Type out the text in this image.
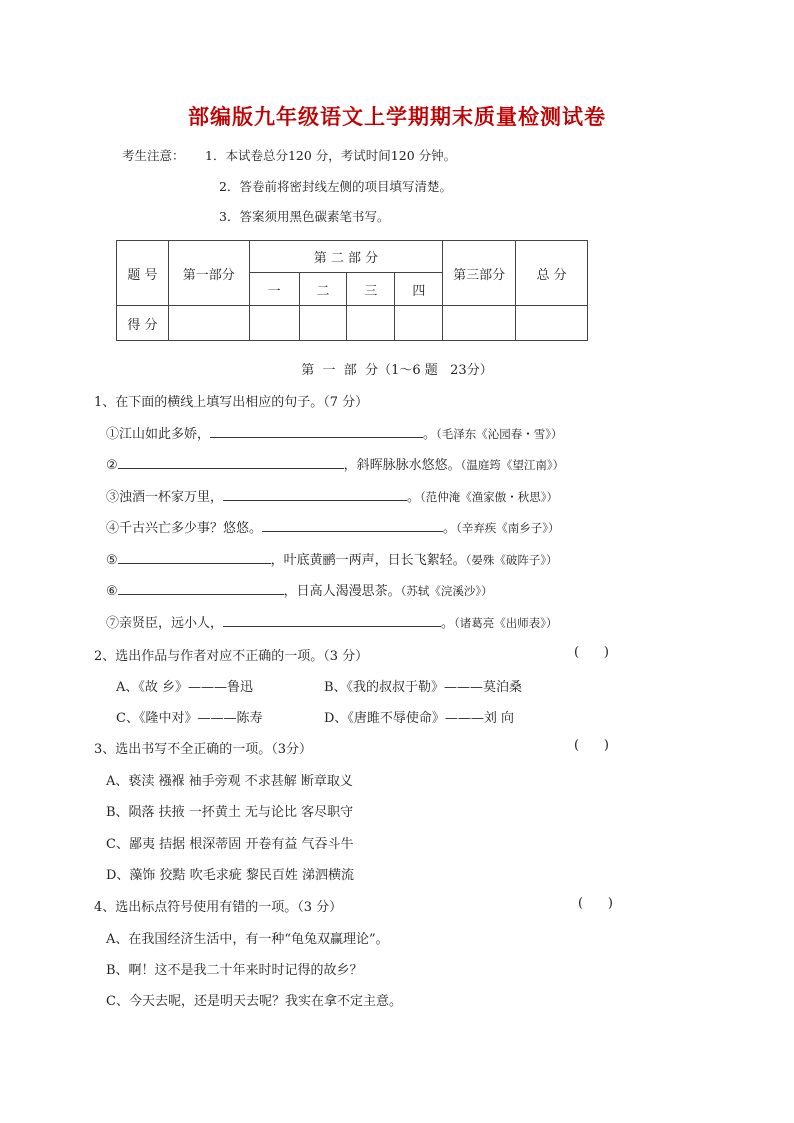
部编版九年级语文上学期期末质量检测试卷
考生注意： 1．本试卷总分120 分，考试时间120 分钟。
2．答卷前将密封线左侧的项目填写清楚。
3．答案须用黑色碳素笔书写。
题 号	第一部分	第 二 部 分				第三部分	总 分
		一	二	三	四		
得 分							
第  一  部  分（1～6 题   23分）
1、在下面的横线上填写出相应的句子。（7 分）
①江山如此多娇，	。（毛泽东《沁园春・雪》）
②	，斜晖脉脉水悠悠。（温庭筠《望江南》）
③浊酒一杯家万里，	。（范仲淹《渔家傲・秋思》）
④千古兴亡多少事？悠悠。	。（辛弃疾《南乡子》）
⑤	，叶底黄鹂一两声，日长飞絮轻。（晏殊《破阵子》）
⑥	，日高人渴漫思茶。（苏轼《浣溪沙》）
⑦亲贤臣，远小人，	。（诸葛亮《出师表》）
2、选出作品与作者对应不正确的一项。（3 分）	(      )
A、《故 乡》———鲁迅	B、《我的叔叔于勒》———莫泊桑
C、《隆中对》———陈寿	D、《唐雎不辱使命》———刘 向
3、选出书写不全正确的一项。（3分）	(      )
A、亵渎 襁褓 袖手旁观 不求甚解 断章取义
B、陨落 扶掖 一抔黄土 无与论比 客尽职守
C、鄙夷 拮据 根深蒂固 开卷有益 气吞斗牛
D、藻饰 狡黠 吹毛求疵 黎民百姓 涕泗横流
4、选出标点符号使用有错的一项。（3 分）	(      )
A、在我国经济生活中，有一种“龟兔双赢理论”。
B、啊！这不是我二十年来时时记得的故乡？
C、今天去呢，还是明天去呢？我实在拿不定主意。
